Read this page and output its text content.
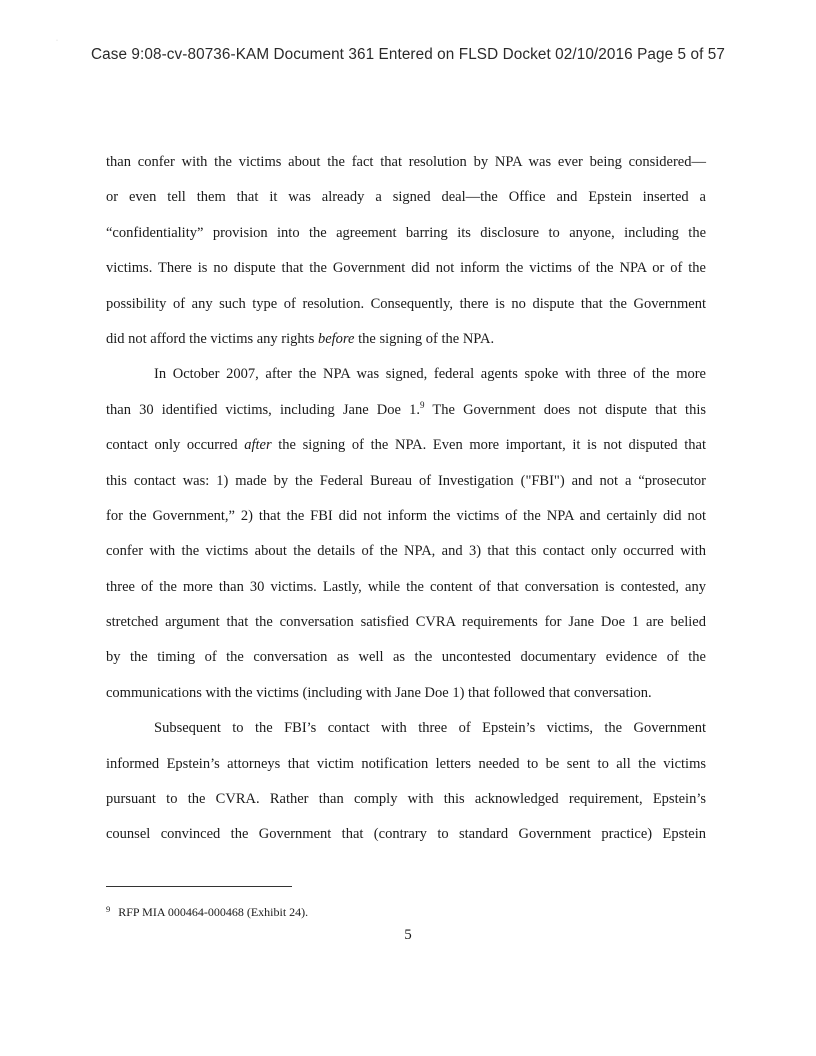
·
Case 9:08-cv-80736-KAM Document 361 Entered on FLSD Docket 02/10/2016 Page 5 of 57
than confer with the victims about the fact that resolution by NPA was ever being considered—
or even tell them that it was already a signed deal—the Office and Epstein inserted a
“confidentiality” provision into the agreement barring its disclosure to anyone, including the
victims. There is no dispute that the Government did not inform the victims of the NPA or of the
possibility of any such type of resolution. Consequently, there is no dispute that the Government
did not afford the victims any rights before the signing of the NPA.
In October 2007, after the NPA was signed, federal agents spoke with three of the more
than 30 identified victims, including Jane Doe 1.$^9$ The Government does not dispute that this
contact only occurred after the signing of the NPA. Even more important, it is not disputed that
this contact was: 1) made by the Federal Bureau of Investigation ("FBI") and not a “prosecutor
for the Government,” 2) that the FBI did not inform the victims of the NPA and certainly did not
confer with the victims about the details of the NPA, and 3) that this contact only occurred with
three of the more than 30 victims. Lastly, while the content of that conversation is contested, any
stretched argument that the conversation satisfied CVRA requirements for Jane Doe 1 are belied
by the timing of the conversation as well as the uncontested documentary evidence of the
communications with the victims (including with Jane Doe 1) that followed that conversation.
Subsequent to the FBI’s contact with three of Epstein’s victims, the Government
informed Epstein’s attorneys that victim notification letters needed to be sent to all the victims
pursuant to the CVRA. Rather than comply with this acknowledged requirement, Epstein’s
counsel convinced the Government that (contrary to standard Government practice) Epstein
$^9$ RFP MIA 000464-000468 (Exhibit 24).
5
